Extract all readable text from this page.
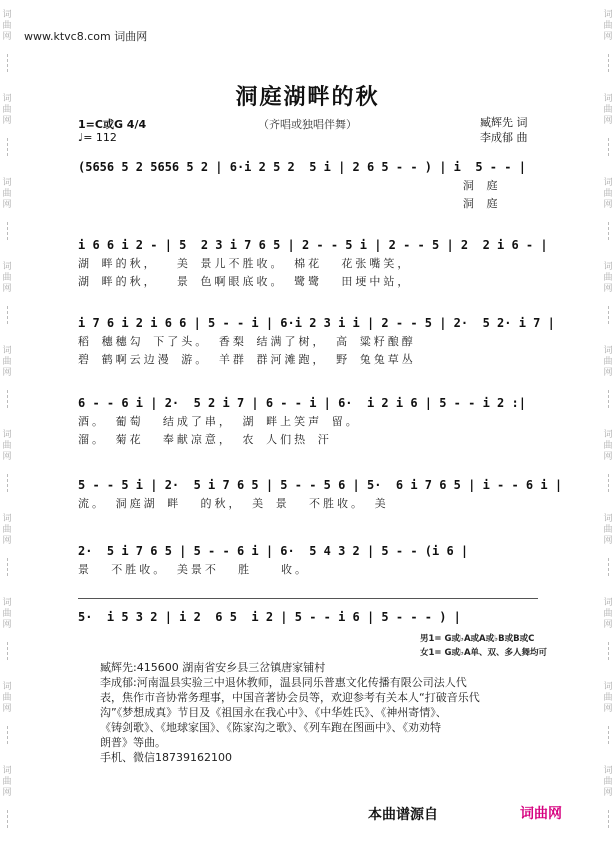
词
曲
网
词
曲
网
词
曲
网
词
曲
网
词
曲
网
词
曲
网
词
曲
网
词
曲
网
词
曲
网
词
曲
网
词
曲
网
词
曲
网
词
曲
网
词
曲
网
词
曲
网
词
曲
网
词
曲
网
词
曲
网
词
曲
网
词
曲
网
www.ktvc8.com 词曲网
洞庭湖畔的秋
（齐唱或独唱伴舞）
1=C或G 4/4
♩= 112
臧辉先 词
李成郁 曲
(5656 5 2 5656 5 2 | 6·i 2 5 2  5 i | 2 6 5 - - ) | i  5 - - |
洞 庭
洞 庭
i 6 6 i 2 - | 5  2 3 i 7 6 5 | 2 - - 5 i | 2 - - 5 | 2  2 i 6 - |
湖 畔的秋，  美 景儿不胜收。 棉花  花张嘴笑，
湖 畔的秋，  景 色啊眼底收。 鹭鹭  田埂中站，
i 7 6 i 2 i 6 6 | 5 - - i | 6·i 2 3 i i | 2 - - 5 | 2·  5 2· i 7 |
稻 穗穗勾 下了头。 香梨 结满了树， 高 粱籽酿醇
碧 鹤啊云边漫 游。 羊群 群河滩跑， 野 兔兔草丛
6 - - 6 i | 2·  5 2 i 7 | 6 - - i | 6·  i 2 i 6 | 5 - - i 2 :|
酒。 葡萄  结成了串， 湖 畔上笑声 留。
溜。 菊花  奉献凉意， 农 人们热 汗
5 - - 5 i | 2·  5 i 7 6 5 | 5 - - 5 6 | 5·  6 i 7 6 5 | i - - 6 i |
流。 洞庭湖 畔  的秋， 美 景  不胜收。 美
2·  5 i 7 6 5 | 5 - - 6 i | 6·  5 4 3 2 | 5 - - (i 6 |
景  不胜收。 美景不  胜   收。
5·  i 5 3 2 | i 2  6 5  i 2 | 5 - - i 6 | 5 - - - ) |
男1= G或♭A或A或♭B或B或C
女1= G或♭A单、双、多人舞均可
臧辉先:415600 湖南省安乡县三岔镇唐家铺村
李成郁:河南温县实验三中退休教师，温县同乐普惠文化传播有限公司法人代
表，焦作市音协常务理事，中国音著协会员等，欢迎参考有关本人“打破音乐代
沟”《梦想成真》节目及《祖国永在我心中》、《中华姓氏》、《神州寄情》、
《铸剑歌》、《地球家国》、《陈家沟之歌》、《列车跑在图画中》、《劝劝特
朗普》等曲。
手机、微信18739162100
本曲谱源自	词曲网
